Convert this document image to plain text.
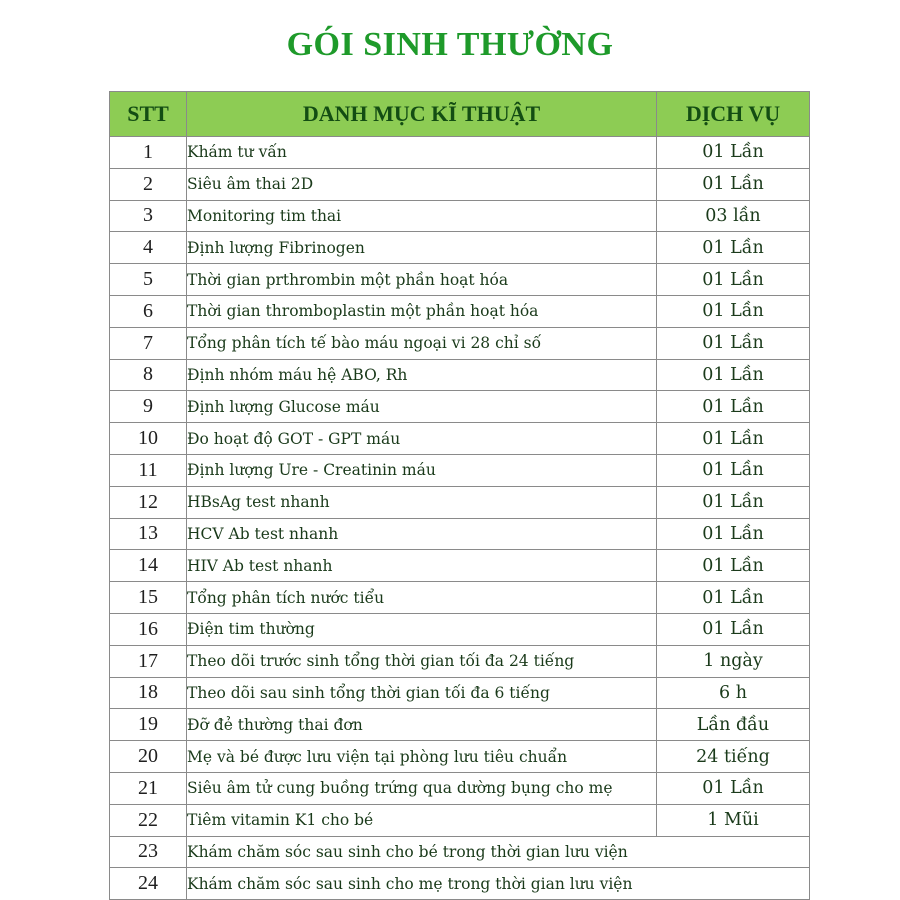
GÓI SINH THƯỜNG
STT	DANH MỤC KĨ THUẬT	DỊCH VỤ
1	Khám tư vấn	01 Lần
2	Siêu âm thai 2D	01 Lần
3	Monitoring tim thai	03 lần
4	Định lượng Fibrinogen	01 Lần
5	Thời gian prthrombin một phần hoạt hóa	01 Lần
6	Thời gian thromboplastin một phần hoạt hóa	01 Lần
7	Tổng phân tích tế bào máu ngoại vi 28 chỉ số	01 Lần
8	Định nhóm máu hệ ABO, Rh	01 Lần
9	Định lượng Glucose máu	01 Lần
10	Đo hoạt độ GOT - GPT máu	01 Lần
11	Định lượng Ure - Creatinin máu	01 Lần
12	HBsAg test nhanh	01 Lần
13	HCV Ab test nhanh	01 Lần
14	HIV Ab test nhanh	01 Lần
15	Tổng phân tích nước tiểu	01 Lần
16	Điện tim thường	01 Lần
17	Theo dõi trước sinh tổng thời gian tối đa 24 tiếng	1 ngày
18	Theo dõi sau sinh tổng thời gian tối đa 6 tiếng	6 h
19	Đỡ đẻ thường thai đơn	Lần đầu
20	Mẹ và bé được lưu viện tại phòng lưu tiêu chuẩn	24 tiếng
21	Siêu âm tử cung buồng trứng qua dường bụng cho mẹ	01 Lần
22	Tiêm vitamin K1 cho bé	1 Mũi
23	Khám chăm sóc sau sinh cho bé trong thời gian lưu viện	
24	Khám chăm sóc sau sinh cho mẹ trong thời gian lưu viện	
